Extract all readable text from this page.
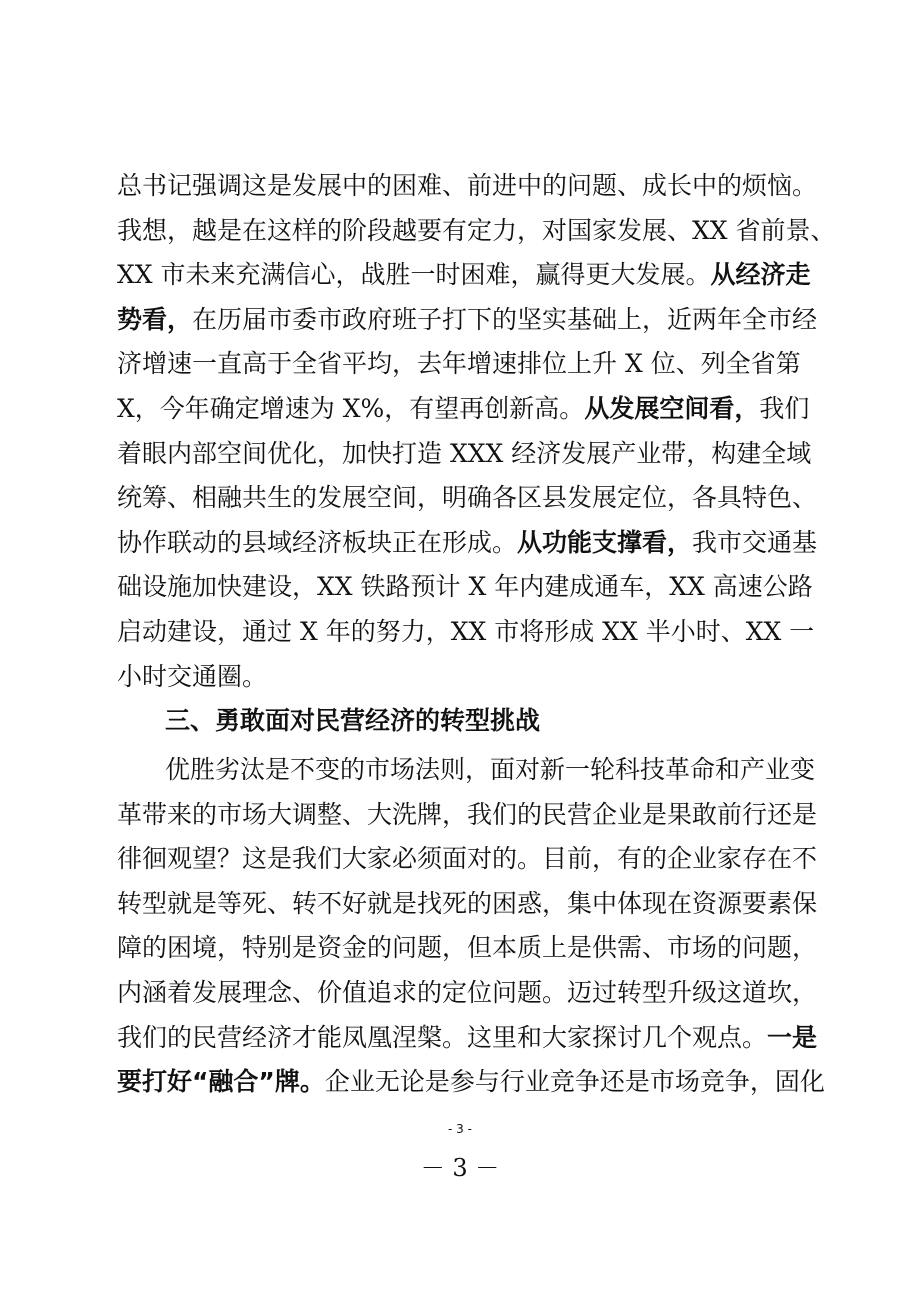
总书记强调这是发展中的困难、前进中的问题、成长中的烦恼。
我想，越是在这样的阶段越要有定力，对国家发展、XX 省前景、
XX 市未来充满信心，战胜一时困难，赢得更大发展。从经济走
势看，在历届市委市政府班子打下的坚实基础上，近两年全市经
济增速一直高于全省平均，去年增速排位上升 X 位、列全省第
X，今年确定增速为 X%，有望再创新高。从发展空间看，我们
着眼内部空间优化，加快打造 XXX 经济发展产业带，构建全域
统筹、相融共生的发展空间，明确各区县发展定位，各具特色、
协作联动的县域经济板块正在形成。从功能支撑看，我市交通基
础设施加快建设，XX 铁路预计 X 年内建成通车，XX 高速公路
启动建设，通过 X 年的努力，XX 市将形成 XX 半小时、XX 一
小时交通圈。
三、勇敢面对民营经济的转型挑战
优胜劣汰是不变的市场法则，面对新一轮科技革命和产业变
革带来的市场大调整、大洗牌，我们的民营企业是果敢前行还是
徘徊观望？这是我们大家必须面对的。目前，有的企业家存在不
转型就是等死、转不好就是找死的困惑，集中体现在资源要素保
障的困境，特别是资金的问题，但本质上是供需、市场的问题，
内涵着发展理念、价值追求的定位问题。迈过转型升级这道坎，
我们的民营经济才能凤凰涅槃。这里和大家探讨几个观点。一是
要打好“融合”牌。企业无论是参与行业竞争还是市场竞争，固化
- 3 -
－ 3 －
